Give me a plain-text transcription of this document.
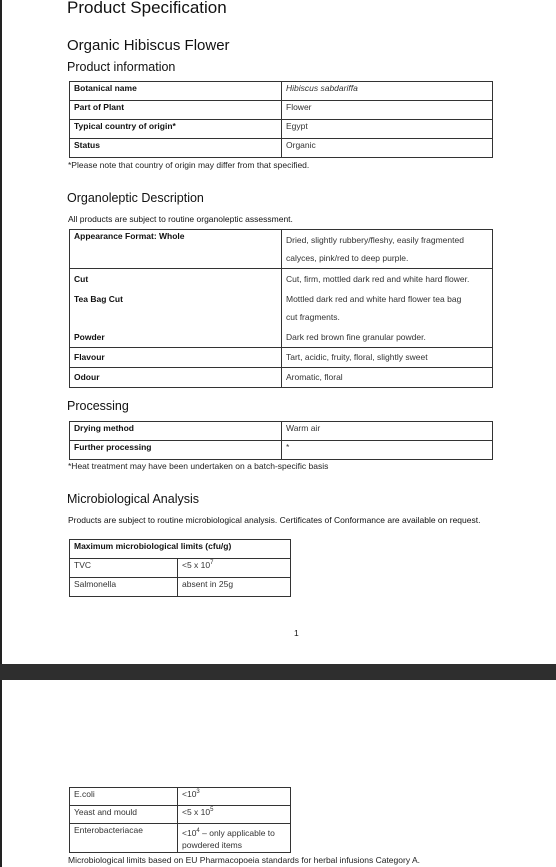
Product Specification
Organic Hibiscus Flower
Product information
Botanical name	Hibiscus sabdariffa
Part of Plant	Flower
Typical country of origin*	Egypt
Status	Organic
*Please note that country of origin may differ from that specified.
Organoleptic Description
All products are subject to routine organoleptic assessment.
Appearance Format: Whole	Dried, slightly rubbery/fleshy, easily fragmented
calyces, pink/red to deep purple.

Cut	Cut, firm, mottled dark red and white hard flower.
Tea Bag Cut	Mottled dark red and white hard flower tea bag
cut fragments.

Powder	Dark red brown fine granular powder.
Flavour	Tart, acidic, fruity, floral, slightly sweet
Odour	Aromatic, floral
Processing
Drying method	Warm air
Further processing	*
*Heat treatment may have been undertaken on a batch-specific basis
Microbiological Analysis
Products are subject to routine microbiological analysis. Certificates of Conformance are available on request.
Maximum microbiological limits (cfu/g)	
TVC	<5 x $10^7$
Salmonella	absent in 25g
1
E.coli	$<10^3$
Yeast and mould	<5 x $10^5$
Enterobacteriacae	$<10^4$ – only applicable to
powdered items
Microbiological limits based on EU Pharmacopoeia standards for herbal infusions Category A.
